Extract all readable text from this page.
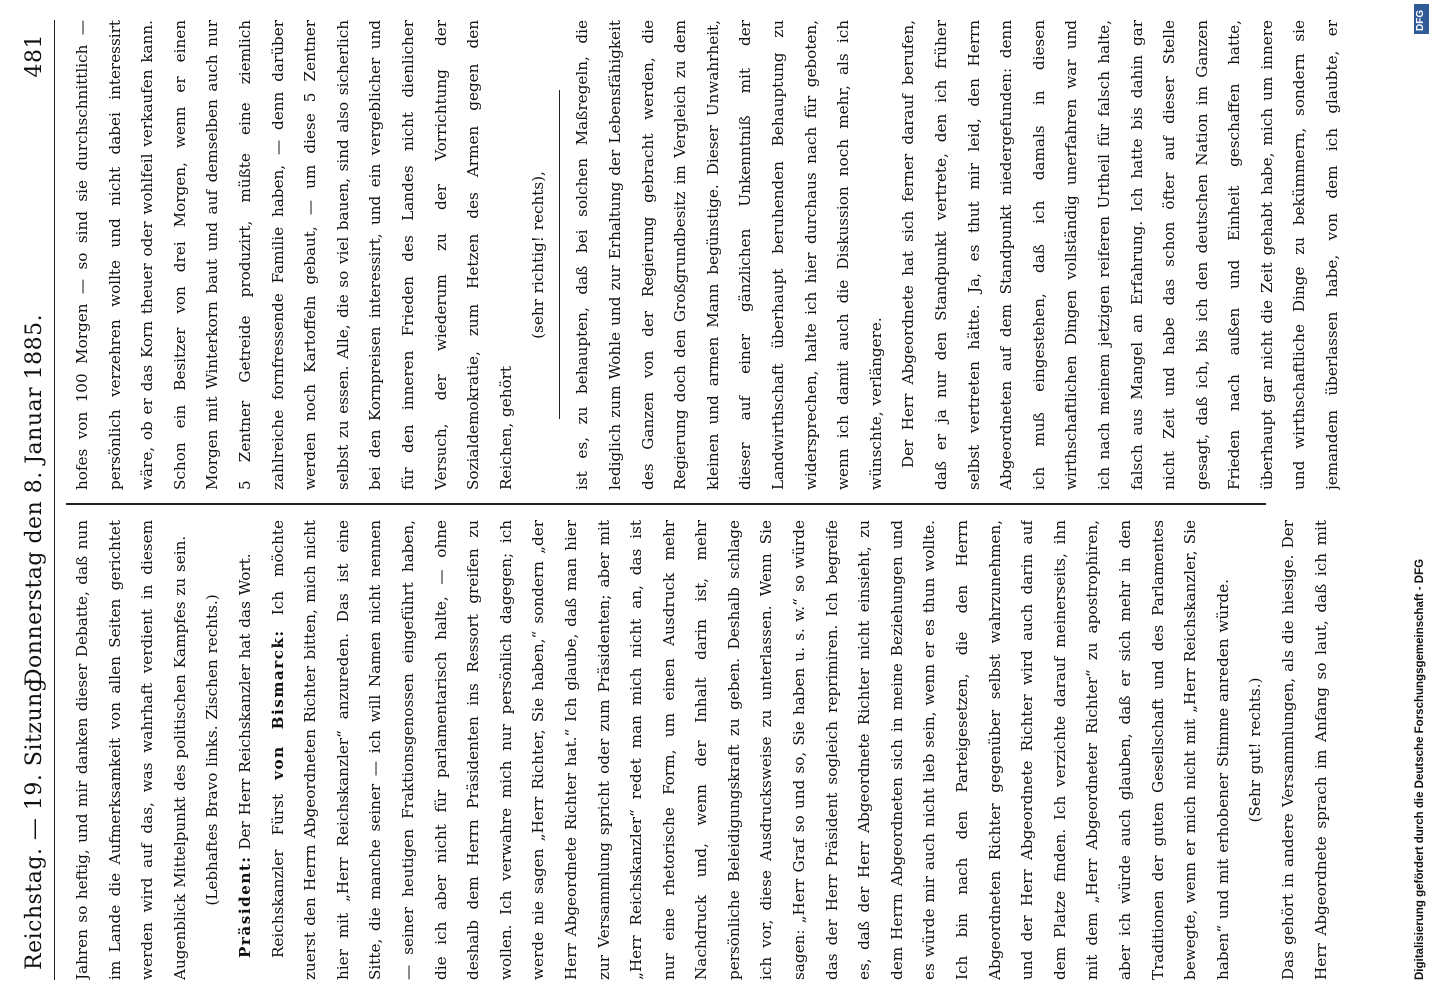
Reichstag. — 19. Sitzung.
Donnerstag den 8. Januar 1885.
481

Jahren so heftig, und mir danken dieser Debatte, daß nun im Lande die Aufmerksamkeit von allen Seiten gerichtet werden wird auf das, was wahrhaft verdient in diesem Augenblick Mittelpunkt des politischen Kampfes zu sein. (Lebhaftes Bravo links. Zischen rechts.)

Präsident: Der Herr Reichskanzler hat das Wort.

Reichskanzler Fürst von Bismarck: Ich möchte zuerst den Herrn Abgeordneten Richter bitten, mich nicht hier mit „Herr Reichskanzler“ anzureden. Das ist eine Sitte, die manche seiner — ich will Namen nicht nennen — seiner heutigen Fraktionsgenossen eingeführt haben, die ich aber nicht für parlamentarisch halte, — ohne deshalb dem Herrn Präsidenten ins Ressort greifen zu wollen. Ich verwahre mich nur persönlich dagegen; ich werde nie sagen „Herr Richter, Sie haben,“ sondern „der Herr Abgeordnete Richter hat.“ Ich glaube, daß man hier zur Versammlung spricht oder zum Präsidenten; aber mit „Herr Reichskanzler“ redet man mich nicht an, das ist nur eine rhetorische Form, um einen Ausdruck mehr Nachdruck und, wenn der Inhalt darin ist, mehr persönliche Beleidigungskraft zu geben. Deshalb schlage ich vor, diese Ausdrucksweise zu unterlassen. Wenn Sie sagen: „Herr Graf so und so, Sie haben u. s. w.“ so würde das der Herr Präsident sogleich reprimiren. Ich begreife es, daß der Herr Abgeordnete Richter nicht einsieht, zu dem Herrn Abgeordneten sich in meine Beziehungen und es würde mir auch nicht lieb sein, wenn er es thun wollte. Ich bin nach den Parteigesetzen, die den Herrn Abgeordneten Richter gegenüber selbst wahrzunehmen, und der Herr Abgeordnete Richter wird auch darin auf dem Platze finden. Ich verzichte darauf meinerseits, ihn mit dem „Herr Abgeordneter Richter“ zu apostrophiren, aber ich würde auch glauben, daß er sich mehr in den Traditionen der guten Gesellschaft und des Parlamentes bewegte, wenn er mich nicht mit „Herr Reichskanzler, Sie haben“ und mit erhobener Stimme anreden würde. (Sehr gut! rechts.)

Das gehört in andere Versammlungen, als die hiesige. Der Herr Abgeordnete sprach im Anfang so laut, daß ich mit

hofes von 100 Morgen — so sind sie durchschnittlich — persönlich verzehren wollte und nicht dabei interessirt wäre, ob er das Korn theuer oder wohlfeil verkaufen kann. Schon ein Besitzer von drei Morgen, wenn er einen Morgen mit Winterkorn baut und auf demselben auch nur 5 Zentner Getreide produzirt, müßte eine ziemlich zahlreiche fornfressende Familie haben, — denn darüber werden noch Kartoffeln gebaut, — um diese 5 Zentner selbst zu essen. Alle, die so viel bauen, sind also sicherlich bei den Kornpreisen interessirt, und ein vergeblicher und für den inneren Frieden des Landes nicht dienlicher Versuch, der wiederum zu der Vorrichtung der Sozialdemokratie, zum Hetzen des Armen gegen den Reichen, gehört

(sehr richtig! rechts),	ist es, zu behaupten, daß bei solchen Maßregeln, die lediglich zum Wohle und zur Erhaltung der Lebensfähigkeit des Ganzen von der Regierung gebracht werden, die Regierung doch den Großgrundbesitz im Vergleich zu dem kleinen und armen Mann begünstige. Dieser Unwahrheit, dieser auf einer gänzlichen Unkenntniß mit der Landwirthschaft überhaupt beruhenden Behauptung zu widersprechen, halte ich hier durchaus nach für geboten, wenn ich damit auch die Diskussion noch mehr, als ich wünschte, verlängere. Der Herr Abgeordnete hat sich ferner darauf berufen, daß er ja nur den Standpunkt vertrete, den ich früher selbst vertreten hätte. Ja, es thut mir leid, den Herrn Abgeordneten auf dem Standpunkt niedergefunden: denn ich muß eingestehen, daß ich damals in diesen wirthschaftlichen Dingen vollständig unerfahren war und ich nach meinem jetzigen reiferen Urtheil für falsch halte, falsch aus Mangel an Erfahrung. Ich hatte bis dahin gar nicht Zeit und habe das schon öfter auf dieser Stelle gesagt, daß ich, bis ich den deutschen Nation im Ganzen Frieden nach außen und Einheit geschaffen hatte, überhaupt gar nicht die Zeit gehabt habe, mich um innere und wirthschaftliche Dinge zu bekümmern, sondern sie jemandem überlassen habe, von dem ich glaubte, er	DFG
Digitalisierung gefördert durch die Deutsche Forschungsgemeinschaft - DFG
